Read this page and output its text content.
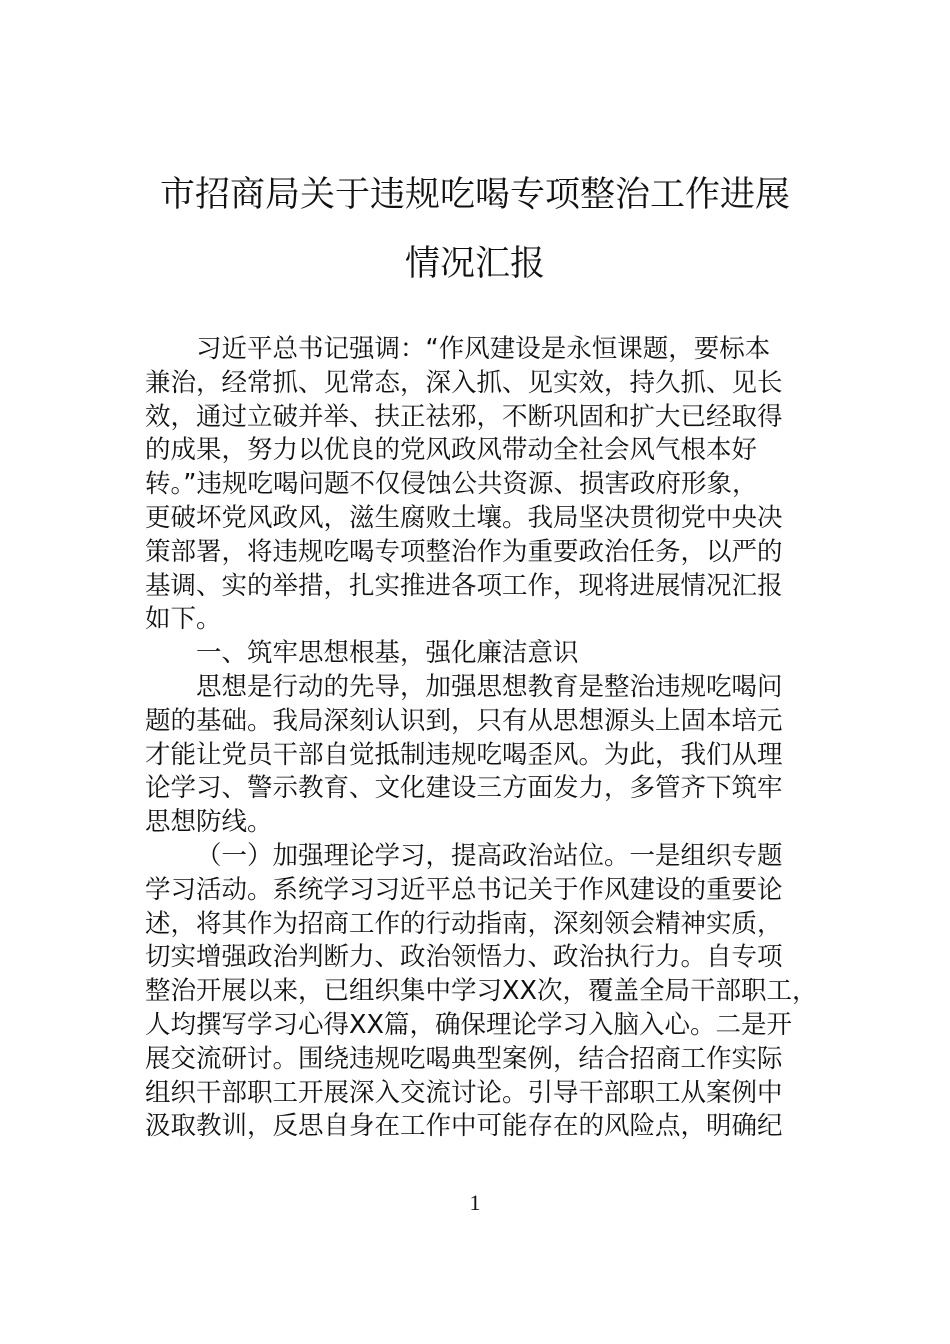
市招商局关于违规吃喝专项整治工作进展
情况汇报
习近平总书记强调：“作风建设是永恒课题，要标本
兼治，经常抓、见常态，深入抓、见实效，持久抓、见长
效，通过立破并举、扶正祛邪，不断巩固和扩大已经取得
的成果，努力以优良的党风政风带动全社会风气根本好
转。”违规吃喝问题不仅侵蚀公共资源、损害政府形象，
更破坏党风政风，滋生腐败土壤。我局坚决贯彻党中央决
策部署，将违规吃喝专项整治作为重要政治任务，以严的
基调、实的举措，扎实推进各项工作，现将进展情况汇报
如下。
一、筑牢思想根基，强化廉洁意识
思想是行动的先导，加强思想教育是整治违规吃喝问
题的基础。我局深刻认识到，只有从思想源头上固本培元
才能让党员干部自觉抵制违规吃喝歪风。为此，我们从理
论学习、警示教育、文化建设三方面发力，多管齐下筑牢
思想防线。
（一）加强理论学习，提高政治站位。一是组织专题
学习活动。系统学习习近平总书记关于作风建设的重要论
述，将其作为招商工作的行动指南，深刻领会精神实质，
切实增强政治判断力、政治领悟力、政治执行力。自专项
整治开展以来，已组织集中学习XX次，覆盖全局干部职工，
人均撰写学习心得XX篇，确保理论学习入脑入心。二是开
展交流研讨。围绕违规吃喝典型案例，结合招商工作实际
组织干部职工开展深入交流讨论。引导干部职工从案例中
汲取教训，反思自身在工作中可能存在的风险点，明确纪
1
